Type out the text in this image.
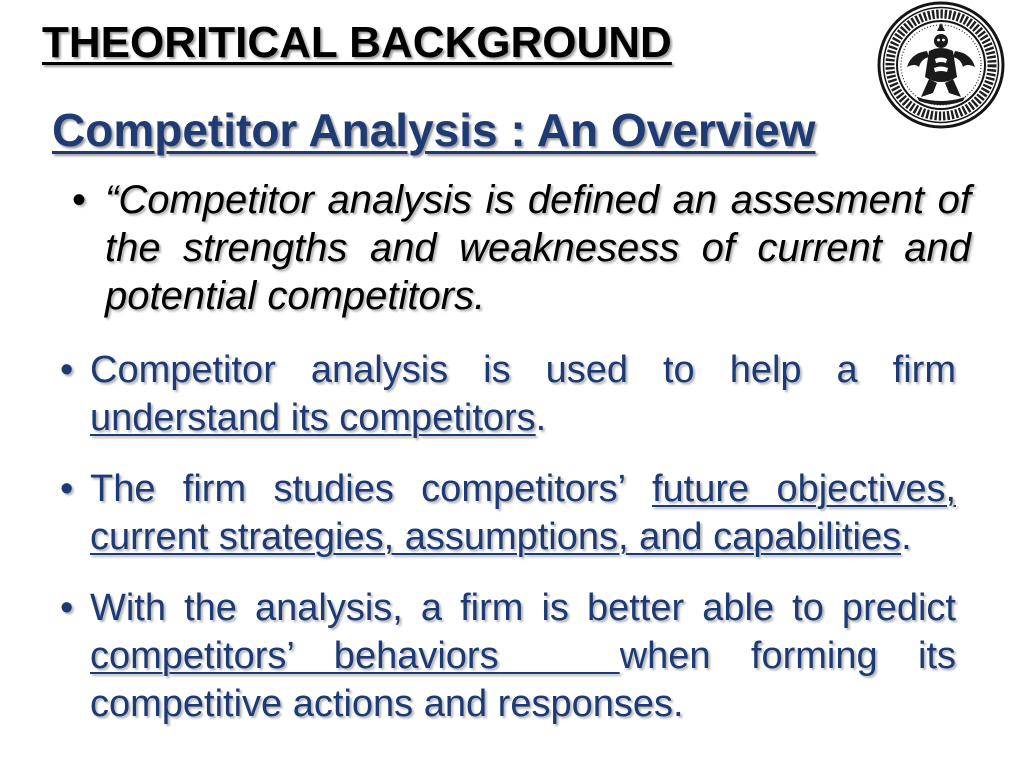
THEORITICAL BACKGROUND
Competitor Analysis : An Overview
• “Competitor analysis is defined an assesment of the strengths and weaknesess of current and potential competitors.
• Competitor analysis is used to help a firm understand its competitors.
• The firm studies competitors’ future objectives, current strategies, assumptions, and capabilities.
• With the analysis, a firm is better able to predict competitors’ behaviors	when forming its competitive actions and responses.
